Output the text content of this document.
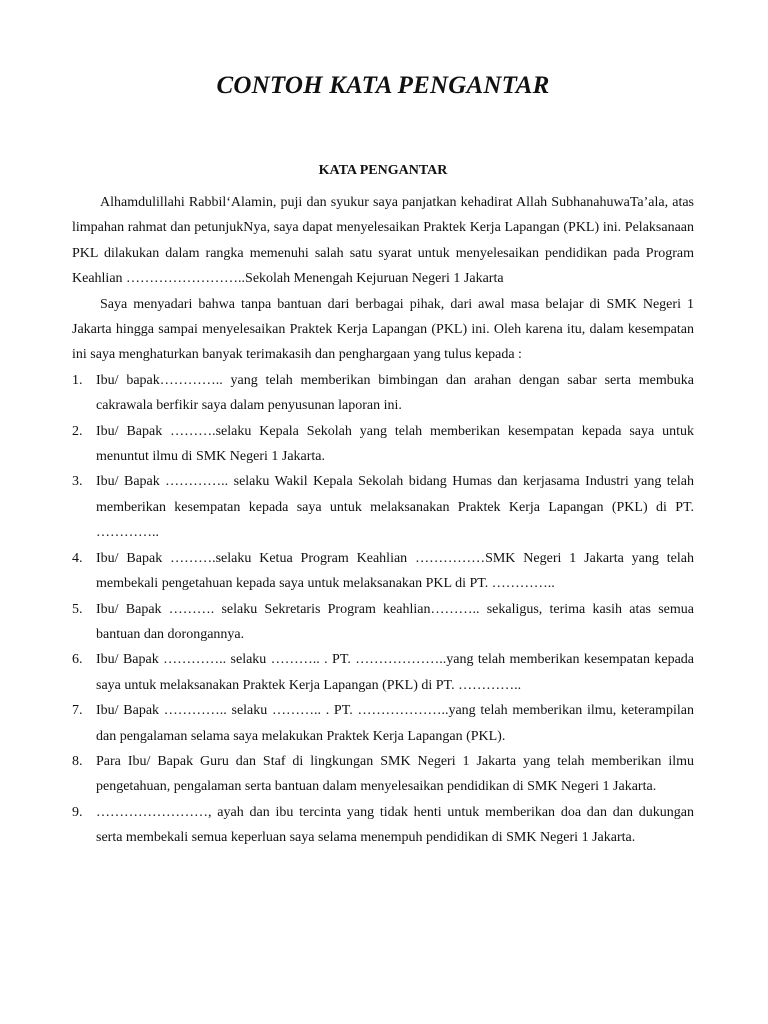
CONTOH KATA PENGANTAR
KATA PENGANTAR

Alhamdulillahi Rabbil‘Alamin, puji dan syukur saya panjatkan kehadirat Allah SubhanahuwaTa’ala, atas limpahan rahmat dan petunjukNya, saya dapat menyelesaikan Praktek Kerja Lapangan (PKL) ini. Pelaksanaan PKL dilakukan dalam rangka memenuhi salah satu syarat untuk menyelesaikan pendidikan pada Program Keahlian ……………………..Sekolah Menengah Kejuruan Negeri 1 Jakarta

Saya menyadari bahwa tanpa bantuan dari berbagai pihak, dari awal masa belajar di SMK Negeri 1 Jakarta hingga sampai menyelesaikan Praktek Kerja Lapangan (PKL) ini. Oleh karena itu, dalam kesempatan ini saya menghaturkan banyak terimakasih dan penghargaan yang tulus kepada :

1. Ibu/ bapak………….. yang telah memberikan bimbingan dan arahan dengan sabar serta membuka cakrawala berfikir saya dalam penyusunan laporan ini.
2. Ibu/ Bapak ……….selaku Kepala Sekolah yang telah memberikan kesempatan kepada saya untuk menuntut ilmu di SMK Negeri 1 Jakarta.
3. Ibu/ Bapak ………….. selaku Wakil Kepala Sekolah bidang Humas dan kerjasama Industri yang telah memberikan kesempatan kepada saya untuk melaksanakan Praktek Kerja Lapangan (PKL) di PT. …………..
4. Ibu/ Bapak ……….selaku Ketua Program Keahlian ……………SMK Negeri 1 Jakarta yang telah membekali pengetahuan kepada saya untuk melaksanakan PKL di PT. …………..
5. Ibu/ Bapak ………. selaku Sekretaris Program keahlian……….. sekaligus, terima kasih atas semua bantuan dan dorongannya.
6. Ibu/ Bapak ………….. selaku ……….. . PT. ………………..yang telah memberikan kesempatan kepada saya untuk melaksanakan Praktek Kerja Lapangan (PKL) di PT. …………..
7. Ibu/ Bapak ………….. selaku ……….. . PT. ………………..yang telah memberikan ilmu, keterampilan dan pengalaman selama saya melakukan Praktek Kerja Lapangan (PKL).
8. Para Ibu/ Bapak Guru dan Staf di lingkungan SMK Negeri 1 Jakarta yang telah memberikan ilmu pengetahuan, pengalaman serta bantuan dalam menyelesaikan pendidikan di SMK Negeri 1 Jakarta.
9. ……………………, ayah dan ibu tercinta yang tidak henti untuk memberikan doa dan dan dukungan serta membekali semua keperluan saya selama menempuh pendidikan di SMK Negeri 1 Jakarta.
